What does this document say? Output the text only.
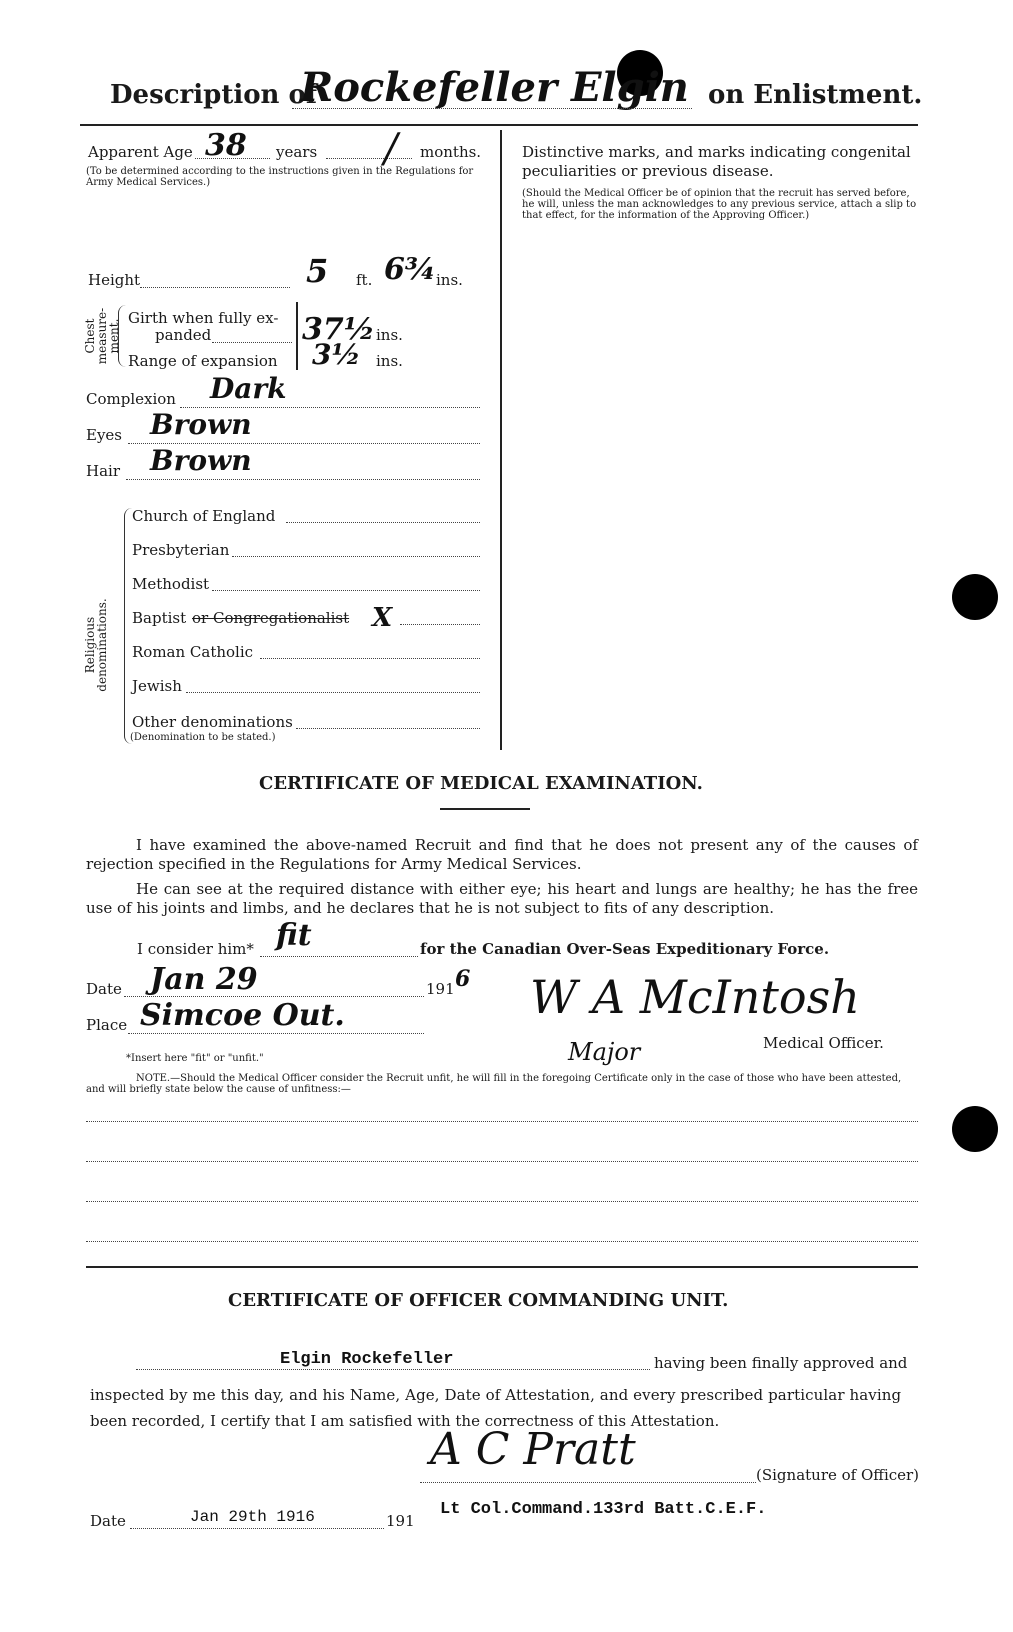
Description of
Rockefeller Elgin on Enlistment.
Apparent Age 38 years	months.
/
(To be determined according to the instructions given in the Regulations for Army Medical Services.)
Height	5 ft. 6¾ ins.
Chest measure-ment.
Girth when fully ex-
panded	37½ ins.
Range of expansion 3½ ins.
Complexion Dark
Eyes Brown
Hair Brown
Religious denominations.
Church of England
Presbyterian
Methodist
Baptist or Congregationalist X
Roman Catholic
Jewish
Other denominations
(Denomination to be stated.)
Distinctive marks, and marks indicating congenital peculiarities or previous disease.
(Should the Medical Officer be of opinion that the recruit has served before, he will, unless the man acknowledges to any previous service, attach a slip to that effect, for the information of the Approving Officer.)
CERTIFICATE OF MEDICAL EXAMINATION.
I have examined the above-named Recruit and find that he does not present any of the causes of rejection specified in the Regulations for Army Medical Services.
He can see at the required distance with either eye; his heart and lungs are healthy; he has the free use of his joints and limbs, and he declares that he is not subject to fits of any description.
I consider him* fit	for the Canadian Over-Seas Expeditionary Force.
Date Jan 29	191 6
Place Simcoe Out.	W A McIntosh
Major	Medical Officer.
*Insert here "fit" or "unfit."
NOTE.—Should the Medical Officer consider the Recruit unfit, he will fill in the foregoing Certificate only in the case of those who have been attested, and will briefly state below the cause of unfitness:—
CERTIFICATE OF OFFICER COMMANDING UNIT.
Elgin Rockefeller	having been finally approved and
inspected by me this day, and his Name, Age, Date of Attestation, and every prescribed particular having
been recorded, I certify that I am satisfied with the correctness of this Attestation.
A C Pratt	(Signature of Officer)
Date	Jan 29th 1916	191
Lt Col.Command.133rd Batt.C.E.F.
